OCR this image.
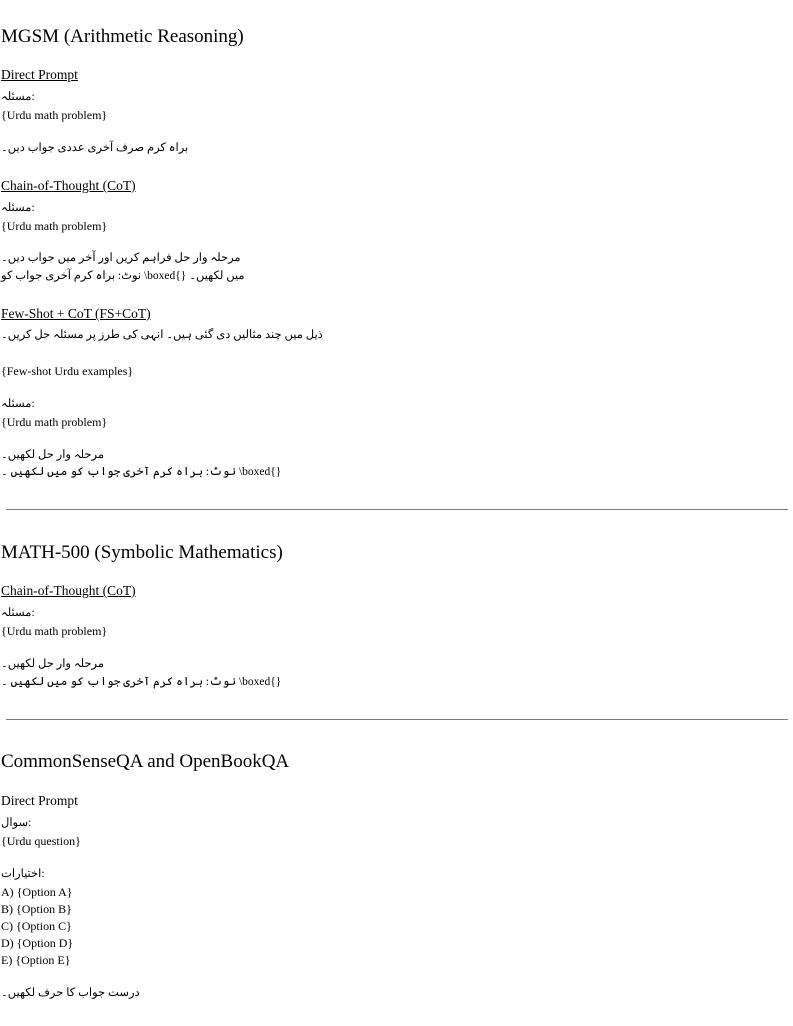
MGSM (Arithmetic Reasoning)
Direct Prompt
مسئلہ:
{Urdu math problem}
براہ کرم صرف آخری عددی جواب دیں۔
Chain-of-Thought (CoT)
مسئلہ:
{Urdu math problem}
مرحلہ وار حل فراہم کریں اور آخر میں جواب دیں۔
نوٹ: براہ کرم آخری جواب کو \boxed{} میں لکھیں۔
Few-Shot + CoT (FS+CoT)
ذیل میں چند مثالیں دی گئی ہیں۔ انہی کی طرز پر مسئلہ حل کریں۔
{Few-shot Urdu examples}
مسئلہ:
{Urdu math problem}
مرحلہ وار حل لکھیں۔
نوٹ: براہ کرم آخری جواب کو میں لکھیں ۔ \boxed{}
MATH-500 (Symbolic Mathematics)
Chain-of-Thought (CoT)
مسئلہ:
{Urdu math problem}
مرحلہ وار حل لکھیں۔
نوٹ: براہ کرم آخری جواب کو میں لکھیں ۔ \boxed{}
CommonSenseQA and OpenBookQA
Direct Prompt
سوال:
{Urdu question}
اختیارات:
A) {Option A}
B) {Option B}
C) {Option C}
D) {Option D}
E) {Option E}
درست جواب کا حرف لکھیں۔
